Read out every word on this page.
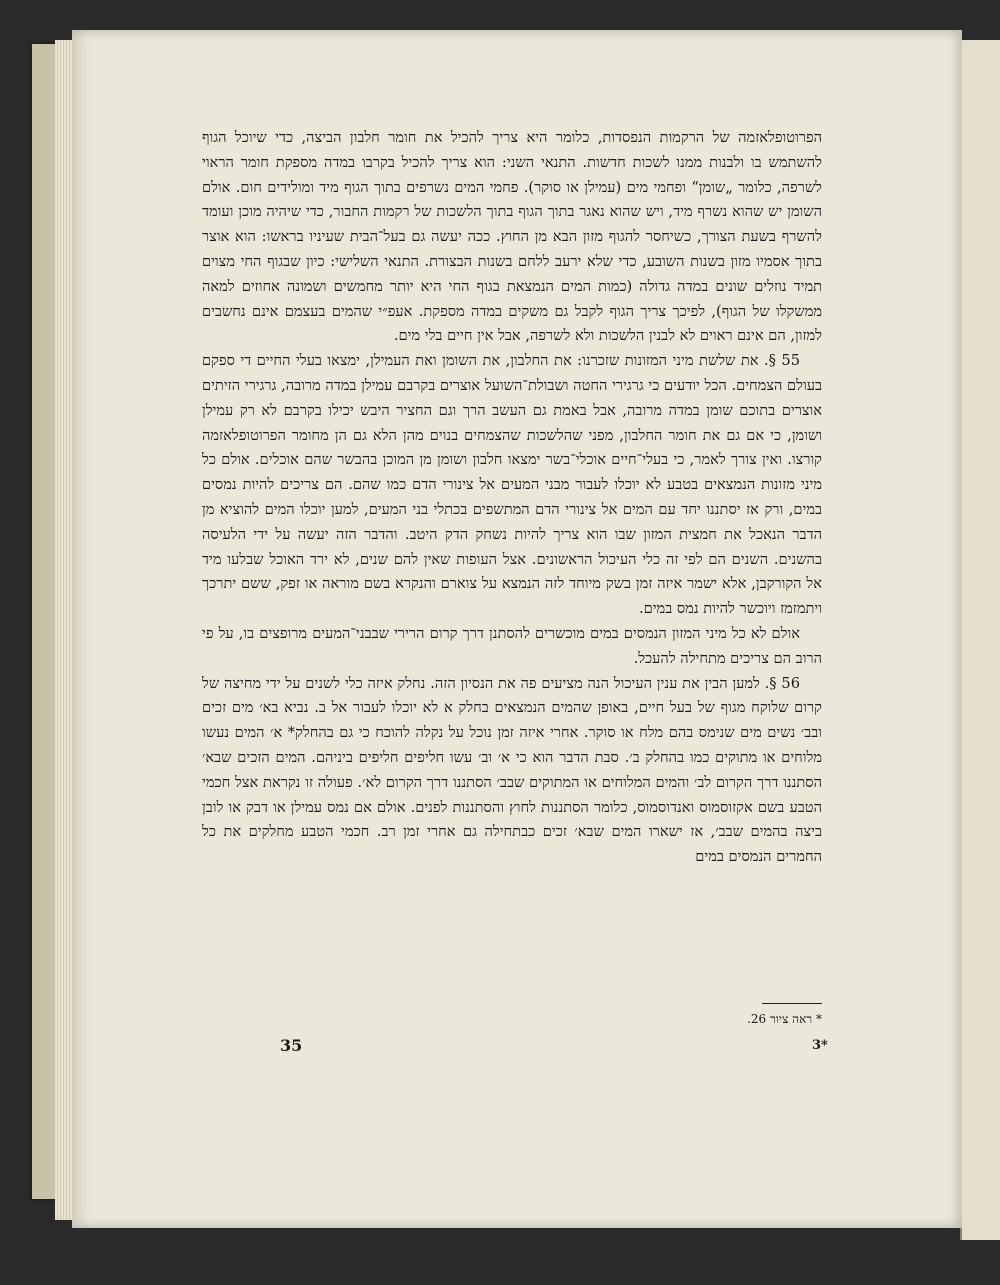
הפרוטופלאזמה של הרקמות הנפסדות, כלומר היא צריך להכיל את חומר חלבון הביצה, כדי שיוכל הגוף להשתמש בו ולבנות ממנו לשכות חדשות. התנאי השני: הוא צריך להכיל בקרבו במדה מספקת חומר הראוי לשרפה, כלומר „שומן“ ופחמי מים (עמילן או סוקר). פחמי המים נשרפים בתוך הגוף מיד ומולידים חום. אולם השומן יש שהוא נשרף מיד, ויש שהוא נאגר בתוך הגוף בתוך הלשכות של רקמות החבור, כדי שיהיה מוכן ועומד להשרף בשעת הצורך, כשיחסר להגוף מזון הבא מן החוץ. ככה יעשה גם בעל־הבית שעיניו בראשו: הוא אוצר בתוך אסמיו מזון בשנות השובע, כדי שלא ירעב ללחם בשנות הבצורת. התנאי השלישי: כיון שבגוף החי מצוים תמיד נוזלים שונים במדה גדולה (כמות המים הנמצאת בגוף החי היא יותר מחמשים ושמונה אחוזים למאה ממשקלו של הגוף), לפיכך צריך הגוף לקבל גם משקים במדה מספקת. אעפ״י שהמים בעצמם אינם נחשבים למזון, הם אינם ראוים לא לבנין הלשכות ולא לשרפה, אבל אין חיים בלי מים.

55 §. את שלשת מיני המזונות שזכרנו: את החלבון, את השומן ואת העמילן, ימצאו בעלי החיים די ספקם בעולם הצמחים. הכל יודעים כי גרגירי החטה ושבולת־השועל אוצרים בקרבם עמילן במדה מרובה, גרגירי הזיתים אוצרים בתוכם שומן במדה מרובה, אבל באמת גם העשב הרך וגם החציר היבש יכילו בקרבם לא רק עמילן ושומן, כי אם גם את חומר החלבון, מפני שהלשכות שהצמחים בנוים מהן הלא גם הן מחומר הפרוטופלאזמה קורצו. ואין צורך לאמר, כי בעלי־חיים אוכלי־בשר ימצאו חלבון ושומן מן המוכן בהבשר שהם אוכלים. אולם כל מיני מזונות הנמצאים בטבע לא יוכלו לעבור מבני המעים אל צינורי הדם כמו שהם. הם צריכים להיות נמסים במים, ורק אז יסתננו יחד עם המים אל צינורי הדם המתשפים בכתלי בני המעים, למען יוכלו המים להוציא מן הדבר הנאכל את חמצית המזון שבו הוא צריך להיות נשחק הדק היטב. והדבר הזה יעשה על ידי הלעיסה בהשנים. השנים הם לפי זה כלי העיכול הראשונים. אצל העופות שאין להם שנים, לא ירד האוכל שבלעו מיד אל הקורקבן, אלא ישמר איזה זמן בשק מיוחד לזה הנמצא על צוארם והנקרא בשם מוראה או זפק, ששם יתרכך ויתמזמז ויוכשר להיות נמס במים.

אולם לא כל מיני המזון הנמסים במים מוכשרים להסתנן דרך קרום הרירי שבבני־המעים מרופצים בו, על פי הרוב הם צריכים מתחילה להעכל.

56 §. למען הבין את ענין העיכול הנה מציעים פה את הנסיון הזה. נחלק איזה כלי לשנים על ידי מחיצה של קרום שלוקח מגוף של בעל חיים, באופן שהמים הנמצאים בחלק א לא יוכלו לעבור אל ב. נביא בא׳ מים זכים ובב׳ נשים מים שנימס בהם מלח או סוקר. אחרי איזה זמן נוכל על נקלה להוכח כי גם בהחלק* א׳ המים נעשו מלוחים או מתוקים כמו בהחלק ב׳. סבת הדבר הוא כי א׳ וב׳ עשו חליפים חליפים ביניהם. המים הזכים שבא׳ הסתננו דרך הקרום לב׳ והמים המלוחים או המתוקים שבב׳ הסתננו דרך הקרום לא׳. פעולה זו נקראת אצל חכמי הטבע בשם אקזוסמוס ואנדוסמוס, כלומר הסתננות לחוץ והסתננות לפנים. אולם אם נמס עמילן או דבק או לובן ביצה בהמים שבב׳, אז ישארו המים שבא׳ זכים כבתחילה גם אחרי זמן רב. חכמי הטבע מחלקים את כל החמרים הנמסים במים

* ראה ציור 26.
35	3*
